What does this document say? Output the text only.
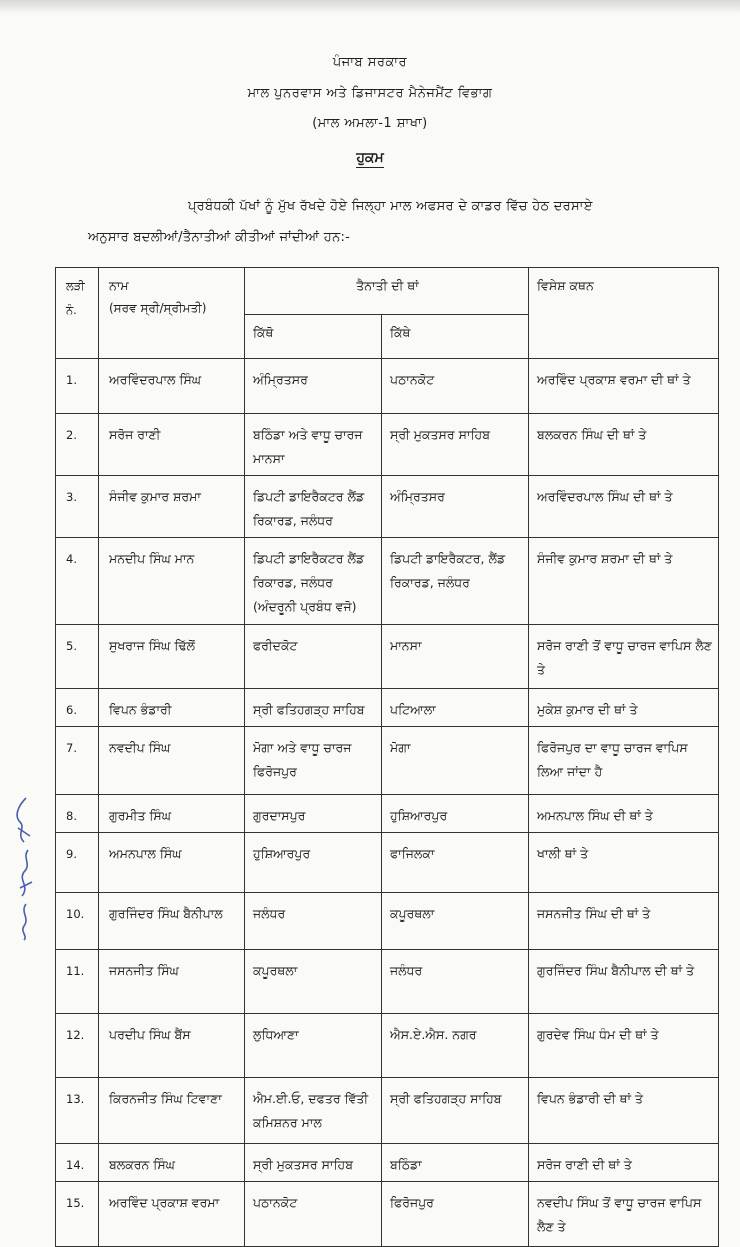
ਪੰਜਾਬ ਸਰਕਾਰ
ਮਾਲ ਪੁਨਰਵਾਸ ਅਤੇ ਡਿਜਾਸਟਰ ਮੈਨੇਜਮੈਂਟ ਵਿਭਾਗ
(ਮਾਲ ਅਮਲਾ-1 ਸ਼ਾਖਾ)
ਹੁਕਮ
ਪ੍ਰਬੰਧਕੀ ਪੱਖਾਂ ਨੂੰ ਮੁੱਖ ਰੱਖਦੇ ਹੋਏ ਜਿਲ੍ਹਾ ਮਾਲ ਅਫਸਰ ਦੇ ਕਾਡਰ ਵਿੱਚ ਹੇਠ ਦਰਸਾਏ
ਅਨੁਸਾਰ ਬਦਲੀਆਂ/ਤੈਨਾਤੀਆਂ ਕੀਤੀਆਂ ਜਾਂਦੀਆਂ ਹਨ:-
ਲੜੀ ਨੰ.	ਨਾਮ
(ਸਰਵ ਸ੍ਰੀ/ਸ੍ਰੀਮਤੀ)	ਤੈਨਾਤੀ ਦੀ ਥਾਂ		ਵਿਸੇਸ਼ ਕਥਨ
		ਕਿੱਥੋ	ਕਿੱਥੇ	
1.	ਅਰਵਿੰਦਰਪਾਲ ਸਿੰਘ	ਅੰਮ੍ਰਿਤਸਰ	ਪਠਾਨਕੋਟ	ਅਰਵਿੰਦ ਪ੍ਰਕਾਸ਼ ਵਰਮਾ ਦੀ ਥਾਂ ਤੇ
2.	ਸਰੋਜ ਰਾਣੀ	ਬਠਿੰਡਾ ਅਤੇ ਵਾਧੂ ਚਾਰਜ ਮਾਨਸਾ	ਸ੍ਰੀ ਮੁਕਤਸਰ ਸਾਹਿਬ	ਬਲਕਰਨ ਸਿੰਘ ਦੀ ਥਾਂ ਤੇ
3.	ਸੰਜੀਵ ਕੁਮਾਰ ਸ਼ਰਮਾ	ਡਿਪਟੀ ਡਾਇਰੈਕਟਰ ਲੈਂਡ ਰਿਕਾਰਡ, ਜਲੰਧਰ	ਅੰਮ੍ਰਿਤਸਰ	ਅਰਵਿੰਦਰਪਾਲ ਸਿੰਘ ਦੀ ਥਾਂ ਤੇ
4.	ਮਨਦੀਪ ਸਿੰਘ ਮਾਨ	ਡਿਪਟੀ ਡਾਇਰੈਕਟਰ ਲੈਂਡ ਰਿਕਾਰਡ, ਜਲੰਧਰ (ਅੰਦਰੂਨੀ ਪ੍ਰਬੰਧ ਵਜੋ)	ਡਿਪਟੀ ਡਾਇਰੈਕਟਰ, ਲੈਂਡ ਰਿਕਾਰਡ, ਜਲੰਧਰ	ਸੰਜੀਵ ਕੁਮਾਰ ਸ਼ਰਮਾ ਦੀ ਥਾਂ ਤੇ
5.	ਸੁਖਰਾਜ ਸਿੰਘ ਢਿੱਲੋਂ	ਫਰੀਦਕੋਟ	ਮਾਨਸਾ	ਸਰੋਜ ਰਾਣੀ ਤੋਂ ਵਾਧੂ ਚਾਰਜ ਵਾਪਿਸ ਲੈਣ ਤੇ
6.	ਵਿਪਨ ਭੰਡਾਰੀ	ਸ੍ਰੀ ਫਤਿਹਗੜ੍ਹ ਸਾਹਿਬ	ਪਟਿਆਲਾ	ਮੁਕੇਸ਼ ਕੁਮਾਰ ਦੀ ਥਾਂ ਤੇ
7.	ਨਵਦੀਪ ਸਿੰਘ	ਮੋਗਾ ਅਤੇ ਵਾਧੂ ਚਾਰਜ ਫਿਰੋਜਪੁਰ	ਮੋਗਾ	ਫਿਰੋਜਪੁਰ ਦਾ ਵਾਧੂ ਚਾਰਜ ਵਾਪਿਸ ਲਿਆ ਜਾਂਦਾ ਹੈ
8.	ਗੁਰਮੀਤ ਸਿੰਘ	ਗੁਰਦਾਸਪੁਰ	ਹੁਸ਼ਿਆਰਪੁਰ	ਅਮਨਪਾਲ ਸਿੰਘ ਦੀ ਥਾਂ ਤੇ
9.	ਅਮਨਪਾਲ ਸਿੰਘ	ਹੁਸ਼ਿਆਰਪੁਰ	ਫਾਜਿਲਕਾ	ਖਾਲੀ ਥਾਂ ਤੇ
10.	ਗੁਰਜਿੰਦਰ ਸਿੰਘ ਬੈਨੀਪਾਲ	ਜਲੰਧਰ	ਕਪੂਰਥਲਾ	ਜਸਨਜੀਤ ਸਿੰਘ ਦੀ ਥਾਂ ਤੇ
11.	ਜਸਨਜੀਤ ਸਿੰਘ	ਕਪੂਰਥਲਾ	ਜਲੰਧਰ	ਗੁਰਜਿੰਦਰ ਸਿੰਘ ਬੈਨੀਪਾਲ ਦੀ ਥਾਂ ਤੇ
12.	ਪਰਦੀਪ ਸਿੰਘ ਬੈਂਸ	ਲੁਧਿਆਣਾ	ਐਸ.ਏ.ਐਸ. ਨਗਰ	ਗੁਰਦੇਵ ਸਿੰਘ ਧੰਮ ਦੀ ਥਾਂ ਤੇ
13.	ਕਿਰਨਜੀਤ ਸਿੰਘ ਟਿਵਾਣਾ	ਐਮ.ਈ.ਓ, ਦਫਤਰ ਵਿੱਤੀ ਕਮਿਸ਼ਨਰ ਮਾਲ	ਸ੍ਰੀ ਫਤਿਹਗੜ੍ਹ ਸਾਹਿਬ	ਵਿਪਨ ਭੰਡਾਰੀ ਦੀ ਥਾਂ ਤੇ
14.	ਬਲਕਰਨ ਸਿੰਘ	ਸ੍ਰੀ ਮੁਕਤਸਰ ਸਾਹਿਬ	ਬਠਿੰਡਾ	ਸਰੋਜ ਰਾਣੀ ਦੀ ਥਾਂ ਤੇ
15.	ਅਰਵਿੰਦ ਪ੍ਰਕਾਸ਼ ਵਰਮਾ	ਪਠਾਨਕੋਟ	ਫਿਰੋਜਪੁਰ	ਨਵਦੀਪ ਸਿੰਘ ਤੋਂ ਵਾਧੂ ਚਾਰਜ ਵਾਪਿਸ ਲੈਣ ਤੇ
